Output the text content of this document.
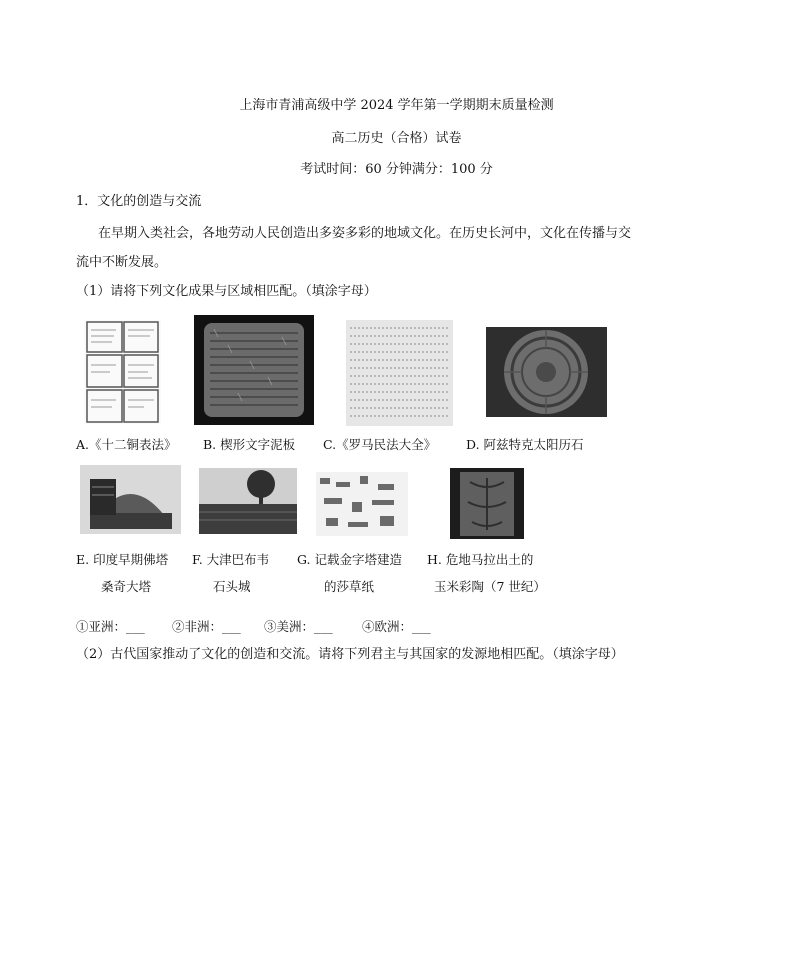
上海市青浦高级中学 2024 学年第一学期期末质量检测
高二历史（合格）试卷
考试时间：60 分钟满分：100 分
1．文化的创造与交流
在早期入类社会，各地劳动人民创造出多姿多彩的地域文化。在历史长河中，文化在传播与交
流中不断发展。
（1）请将下列文化成果与区域相匹配。（填涂字母）
A.《十二铜表法》 B. 楔形文字泥板 C.《罗马民法大全》 D. 阿兹特克太阳历石
E. 印度早期佛塔
桑奇大塔
F. 大津巴布韦
石头城
G. 记载金字塔建造
的莎草纸
H. 危地马拉出土的
玉米彩陶（7 世纪）
①亚洲：___ ②非洲：___ ③美洲：___ ④欧洲：___
（2）古代国家推动了文化的创造和交流。请将下列君主与其国家的发源地相匹配。（填涂字母）
